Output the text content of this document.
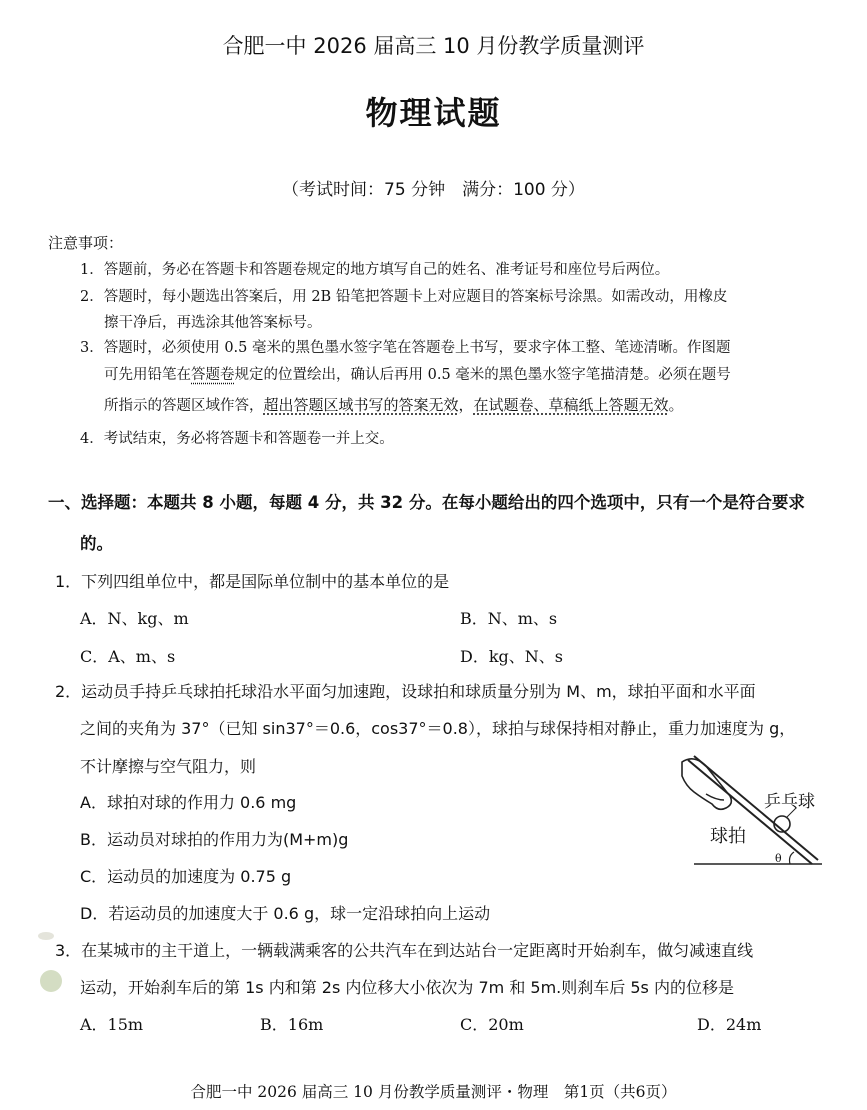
合肥一中 2026 届高三 10 月份教学质量测评
物理试题
（考试时间：75 分钟　满分：100 分）
注意事项：
1．答题前，务必在答题卡和答题卷规定的地方填写自己的姓名、准考证号和座位号后两位。
2．答题时，每小题选出答案后，用 2B 铅笔把答题卡上对应题目的答案标号涂黑。如需改动，用橡皮
擦干净后，再选涂其他答案标号。
3．答题时，必须使用 0.5 毫米的黑色墨水签字笔在答题卷上书写，要求字体工整、笔迹清晰。作图题
可先用铅笔在答题卷规定的位置绘出，确认后再用 0.5 毫米的黑色墨水签字笔描清楚。必须在题号
所指示的答题区域作答，超出答题区域书写的答案无效，在试题卷、草稿纸上答题无效。
4．考试结束，务必将答题卡和答题卷一并上交。
一、选择题：本题共 8 小题，每题 4 分，共 32 分。在每小题给出的四个选项中，只有一个是符合要求
的。
1．下列四组单位中，都是国际单位制中的基本单位的是
A．N、kg、m	B．N、m、s
C．A、m、s	D．kg、N、s
2．运动员手持乒乓球拍托球沿水平面匀加速跑，设球拍和球质量分别为 M、m，球拍平面和水平面
之间的夹角为 37°（已知 sin37°＝0.6，cos37°＝0.8），球拍与球保持相对静止，重力加速度为 g，
不计摩擦与空气阻力，则
A．球拍对球的作用力 0.6 mg
B．运动员对球拍的作用力为(M+m)g
C．运动员的加速度为 0.75 g
D．若运动员的加速度大于 0.6 g，球一定沿球拍向上运动
乒乓球
球拍
θ
3．在某城市的主干道上，一辆载满乘客的公共汽车在到达站台一定距离时开始刹车，做匀减速直线
运动，开始刹车后的第 1s 内和第 2s 内位移大小依次为 7m 和 5m.则刹车后 5s 内的位移是
A．15m	B．16m	C．20m	D．24m
合肥一中 2026 届高三 10 月份教学质量测评・物理　第1页（共6页）
